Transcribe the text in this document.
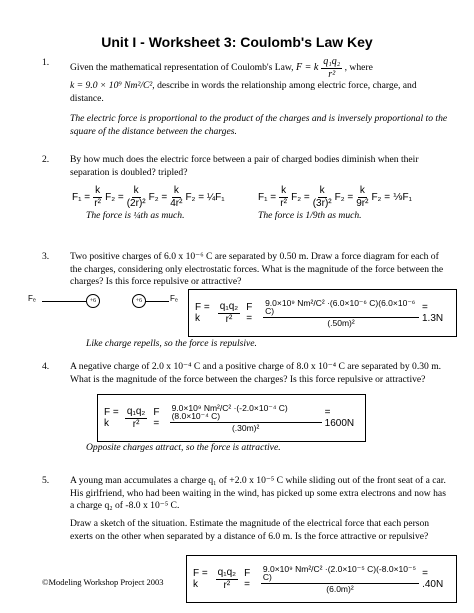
Unit I - Worksheet 3: Coulomb's Law Key
1.	Given the mathematical representation of Coulomb's Law, F = k $\frac{\text{q₁q₂}}{\text{r²}}$ , where
k = 9.0 × 10⁹ Nm²/C², describe in words the relationship among electric force, charge, and
distance.
The electric force is proportional to the product of the charges and is inversely proportional to the square of the distance between the charges.
2.	By how much does the electric force between a pair of charged bodies diminish when their separation is doubled? tripled?
$F_1 = \frac{k}{\text{r²}} F_2 = \frac{k}{\text{(2r)²}} F_2 = \frac{k}{\text{4r²}} F_2$ = ¼F₁	$F_1 = \frac{k}{\text{r²}} F_2 = \frac{k}{\text{(3r)²}} F_2 = \frac{k}{\text{9r²}} F_2$ = ⅑F₁
The force is ¼th as much.	The force is 1/9th as much.
3.	Two positive charges of 6.0 x 10⁻⁶ C are separated by 0.50 m. Draw a force diagram for each of the charges, considering only electrostatic forces. What is the magnitude of the force between the charges? Is this force repulsive or attractive?
Fₑ	+6	+6	Fₑ
F = k	$\frac{\text{q₁q₂}}{\text{r²}}$ F =	$\frac{\text{9.0×10⁹ Nm²/C² ·(6.0×10⁻⁶ C)(6.0×10⁻⁶ C)}}{\text{(.50m)²}} = 1.3N$
Like charge repells, so the force is repulsive.
4.	A negative charge of 2.0 x 10⁻⁴ C and a positive charge of 8.0 x 10⁻⁴ C are separated by 0.30 m. What is the magnitude of the force between the charges? Is this force repulsive or attractive?
F = k	$\frac{\text{q₁q₂}}{\text{r²}}$ F =	$\frac{\text{9.0×10⁹ Nm²/C² ·(-2.0×10⁻⁴ C)(8.0×10⁻⁴ C)}}{\text{(.30m)²}} = 1600N$
Opposite charges attract, so the force is attractive.
5.	A young man accumulates a charge q₁ of +2.0 x 10⁻⁵ C while sliding out of the front seat of a car. His girlfriend, who had been waiting in the wind, has picked up some extra electrons and now has a charge q₂ of -8.0 x 10⁻⁵ C.
Draw a sketch of the situation. Estimate the magnitude of the electrical force that each person exerts on the other when separated by a distance of 6.0 m. Is the force attractive or repulsive?
F = k	$\frac{\text{q₁q₂}}{\text{r²}}$ F =	$\frac{\text{9.0×10⁹ Nm²/C² ·(2.0×10⁻⁵ C)(-8.0×10⁻⁵ C)}}{\text{(6.0m)²}} = .40N$
©Modeling Workshop Project 2003
